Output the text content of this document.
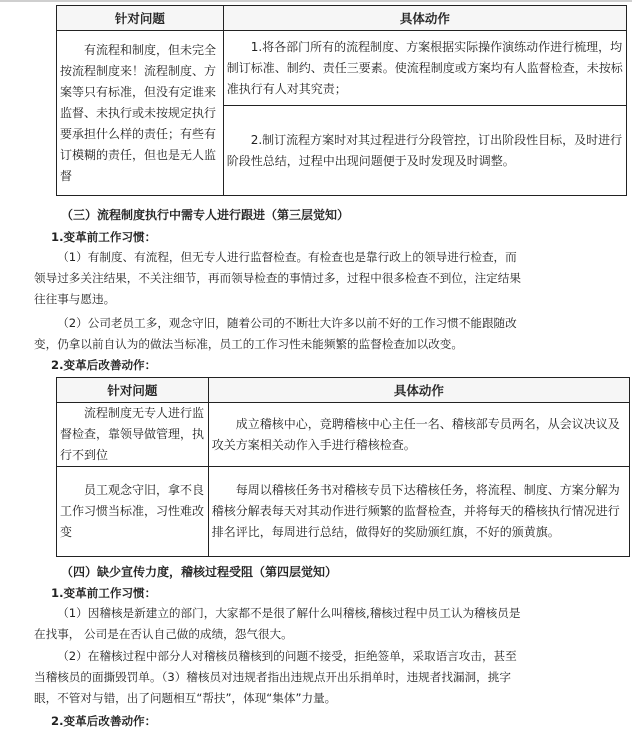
针对问题	具体动作

有流程和制度，但未完全按流程制度来！流程制度、方案等只有标准，但没有定谁来监督、未执行或未按规定执行要承担什么样的责任；有些有订模糊的责任，但也是无人监督	1.将各部门所有的流程制度、方案根据实际操作演练动作进行梳理，均制订标准、制约、责任三要素。使流程制度或方案均有人监督检查，未按标准执行有人对其究责；
2.制订流程方案时对其过程进行分段管控，订出阶段性目标，及时进行阶段性总结，过程中出现问题便于及时发现及时调整。
（三）流程制度执行中需专人进行跟进（第三层觉知）
1.变革前工作习惯：
（1）有制度、有流程，但无专人进行监督检查。有检查也是靠行政上的领导进行检查，而领导过多关注结果，不关注细节，再而领导检查的事情过多，过程中很多检查不到位，注定结果往往事与愿违。
（2）公司老员工多，观念守旧，随着公司的不断壮大许多以前不好的工作习惯不能跟随改变，仍拿以前自认为的做法当标准，员工的工作习性未能频繁的监督检查加以改变。
2.变革后改善动作：
针对问题	具体动作

流程制度无专人进行监督检查，靠领导做管理，执行不到位	成立稽核中心，竞聘稽核中心主任一名、稽核部专员两名，从会议决议及攻关方案相关动作入手进行稽核检查。

员工观念守旧，拿不良工作习惯当标准，习性难改变	每周以稽核任务书对稽核专员下达稽核任务，将流程、制度、方案分解为稽核分解表每天对其动作进行频繁的监督检查，并将每天的稽核执行情况进行排名评比，每周进行总结，做得好的奖励颁红旗，不好的颁黄旗。
（四）缺少宣传力度，稽核过程受阻（第四层觉知）
1.变革前工作习惯：
（1）因稽核是新建立的部门，大家都不是很了解什么叫稽核,稽核过程中员工认为稽核员是在找事， 公司是在否认自己做的成绩，怨气很大。
（2）在稽核过程中部分人对稽核员稽核到的问题不接受，拒绝签单，采取语言攻击，甚至当稽核员的面撕毁罚单。（3）稽核员对违规者指出违规点开出乐捐单时，违规者找漏洞，挑字眼，不管对与错，出了问题相互“帮扶”，体现“集体”力量。
2.变革后改善动作：
